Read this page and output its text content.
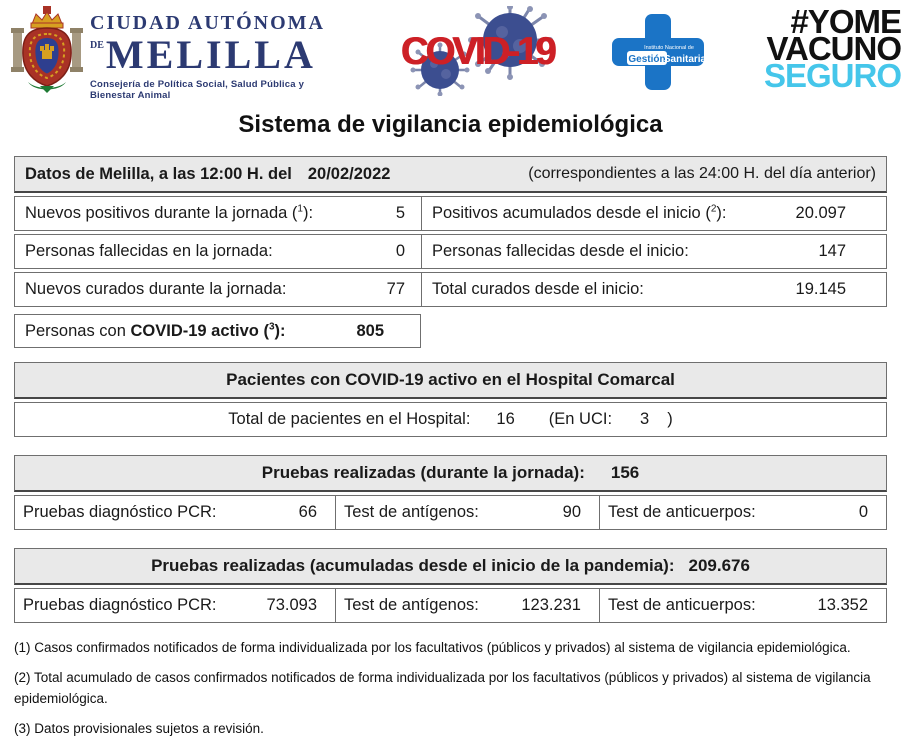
CIUDAD AUTÓNOMA
DE MELILLA
Consejería de Política Social, Salud Pública y Bienestar Animal
COVID-19	Instituto Nacional de
Gestión
Sanitaria
#YOME
VACUNO
SEGURO
Sistema de vigilancia epidemiológica
Datos de Melilla, a las 12:00 H. del 20/02/2022	(correspondientes a las 24:00 H. del día anterior)
Nuevos positivos durante la jornada ($^1$):	5 Positivos acumulados desde el inicio ($^2$):	20.097
Personas fallecidas en la jornada:	0 Personas fallecidas desde el inicio:	147
Nuevos curados durante la jornada:	77 Total curados desde el inicio:	19.145
Personas con COVID-19 activo ($^3$):	805
Pacientes con COVID-19 activo en el Hospital Comarcal
Total de pacientes en el Hospital: 16 (En UCI: 3 )
Pruebas realizadas (durante la jornada): 156
Pruebas diagnóstico PCR:	66 Test de antígenos:	90 Test de anticuerpos:	0
Pruebas realizadas (acumuladas desde el inicio de la pandemia): 209.676
Pruebas diagnóstico PCR:	73.093 Test de antígenos:	123.231 Test de anticuerpos:	13.352

(1) Casos confirmados notificados de forma individualizada por los facultativos (públicos y privados) al sistema de vigilancia epidemiológica.

(2) Total acumulado de casos confirmados notificados de forma individualizada por los facultativos (públicos y privados) al sistema de vigilancia epidemiológica.

(3) Datos provisionales sujetos a revisión.
